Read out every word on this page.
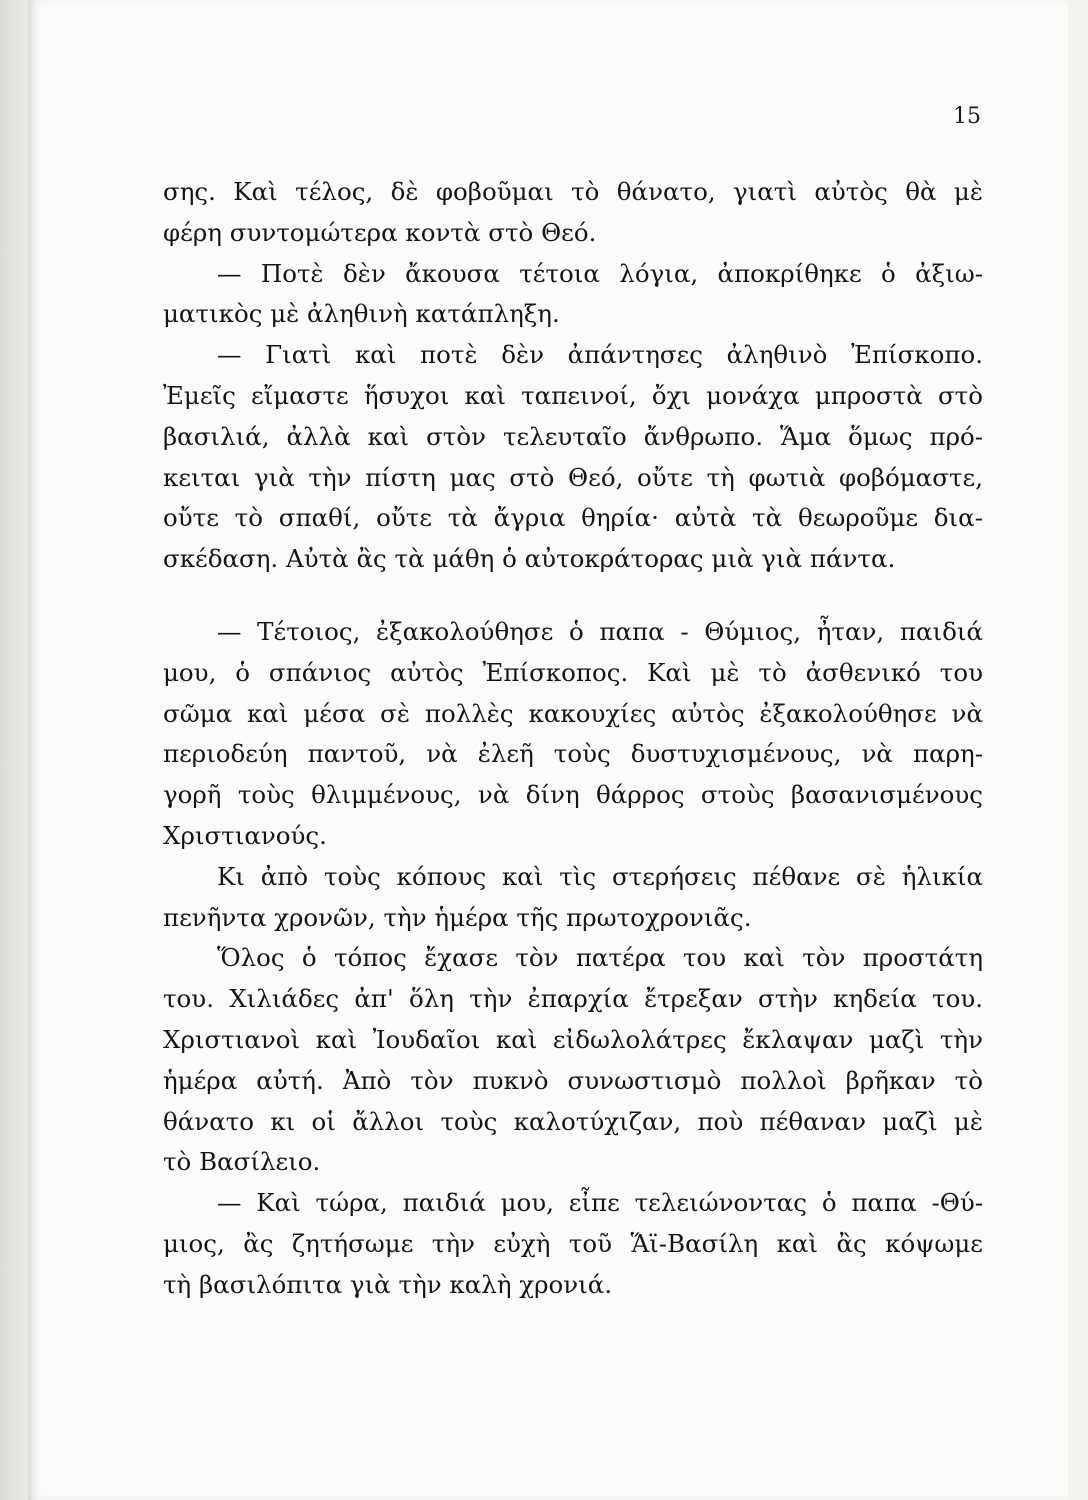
15
σης. Καὶ τέλος, δὲ φοβοῦμαι τὸ θάνατο, γιατὶ αὐτὸς θὰ μὲ
φέρη συντομώτερα κοντὰ στὸ Θεό.
— Ποτὲ δὲν ἄκουσα τέτοια λόγια, ἀποκρίθηκε ὁ ἀξιω-
ματικὸς μὲ ἀληθινὴ κατάπληξη.
— Γιατὶ καὶ ποτὲ δὲν ἀπάντησες ἀληθινὸ Ἐπίσκοπο.
Ἐμεῖς εἴμαστε ἥσυχοι καὶ ταπεινοί, ὄχι μονάχα μπροστὰ στὸ
βασιλιά, ἀλλὰ καὶ στὸν τελευταῖο ἄνθρωπο. Ἅμα ὅμως πρό-
κειται γιὰ τὴν πίστη μας στὸ Θεό, οὔτε τὴ φωτιὰ φοβόμαστε,
οὔτε τὸ σπαθί, οὔτε τὰ ἄγρια θηρία· αὐτὰ τὰ θεωροῦμε δια-
σκέδαση. Αὐτὰ ἂς τὰ μάθη ὁ αὐτοκράτορας μιὰ γιὰ πάντα.
— Τέτοιος, ἐξακολούθησε ὁ παπα - Θύμιος, ἦταν, παιδιά
μου, ὁ σπάνιος αὐτὸς Ἐπίσκοπος. Καὶ μὲ τὸ ἀσθενικό του
σῶμα καὶ μέσα σὲ πολλὲς κακουχίες αὐτὸς ἐξακολούθησε νὰ
περιοδεύη παντοῦ, νὰ ἐλεῆ τοὺς δυστυχισμένους, νὰ παρη-
γορῆ τοὺς θλιμμένους, νὰ δίνη θάρρος στοὺς βασανισμένους
Χριστιανούς.
Κι ἀπὸ τοὺς κόπους καὶ τὶς στερήσεις πέθανε σὲ ἡλικία
πενῆντα χρονῶν, τὴν ἡμέρα τῆς πρωτοχρονιᾶς.
Ὅλος ὁ τόπος ἔχασε τὸν πατέρα του καὶ τὸν προστάτη
του. Χιλιάδες ἀπ' ὅλη τὴν ἐπαρχία ἔτρεξαν στὴν κηδεία του.
Χριστιανοὶ καὶ Ἰουδαῖοι καὶ εἰδωλολάτρες ἔκλαψαν μαζὶ τὴν
ἡμέρα αὐτή. Ἀπὸ τὸν πυκνὸ συνωστισμὸ πολλοὶ βρῆκαν τὸ
θάνατο κι οἱ ἄλλοι τοὺς καλοτύχιζαν, ποὺ πέθαναν μαζὶ μὲ
τὸ Βασίλειο.
— Καὶ τώρα, παιδιά μου, εἶπε τελειώνοντας ὁ παπα -Θύ-
μιος, ἂς ζητήσωμε τὴν εὐχὴ τοῦ Ἅϊ-Βασίλη καὶ ἂς κόψωμε
τὴ βασιλόπιτα γιὰ τὴν καλὴ χρονιά.
